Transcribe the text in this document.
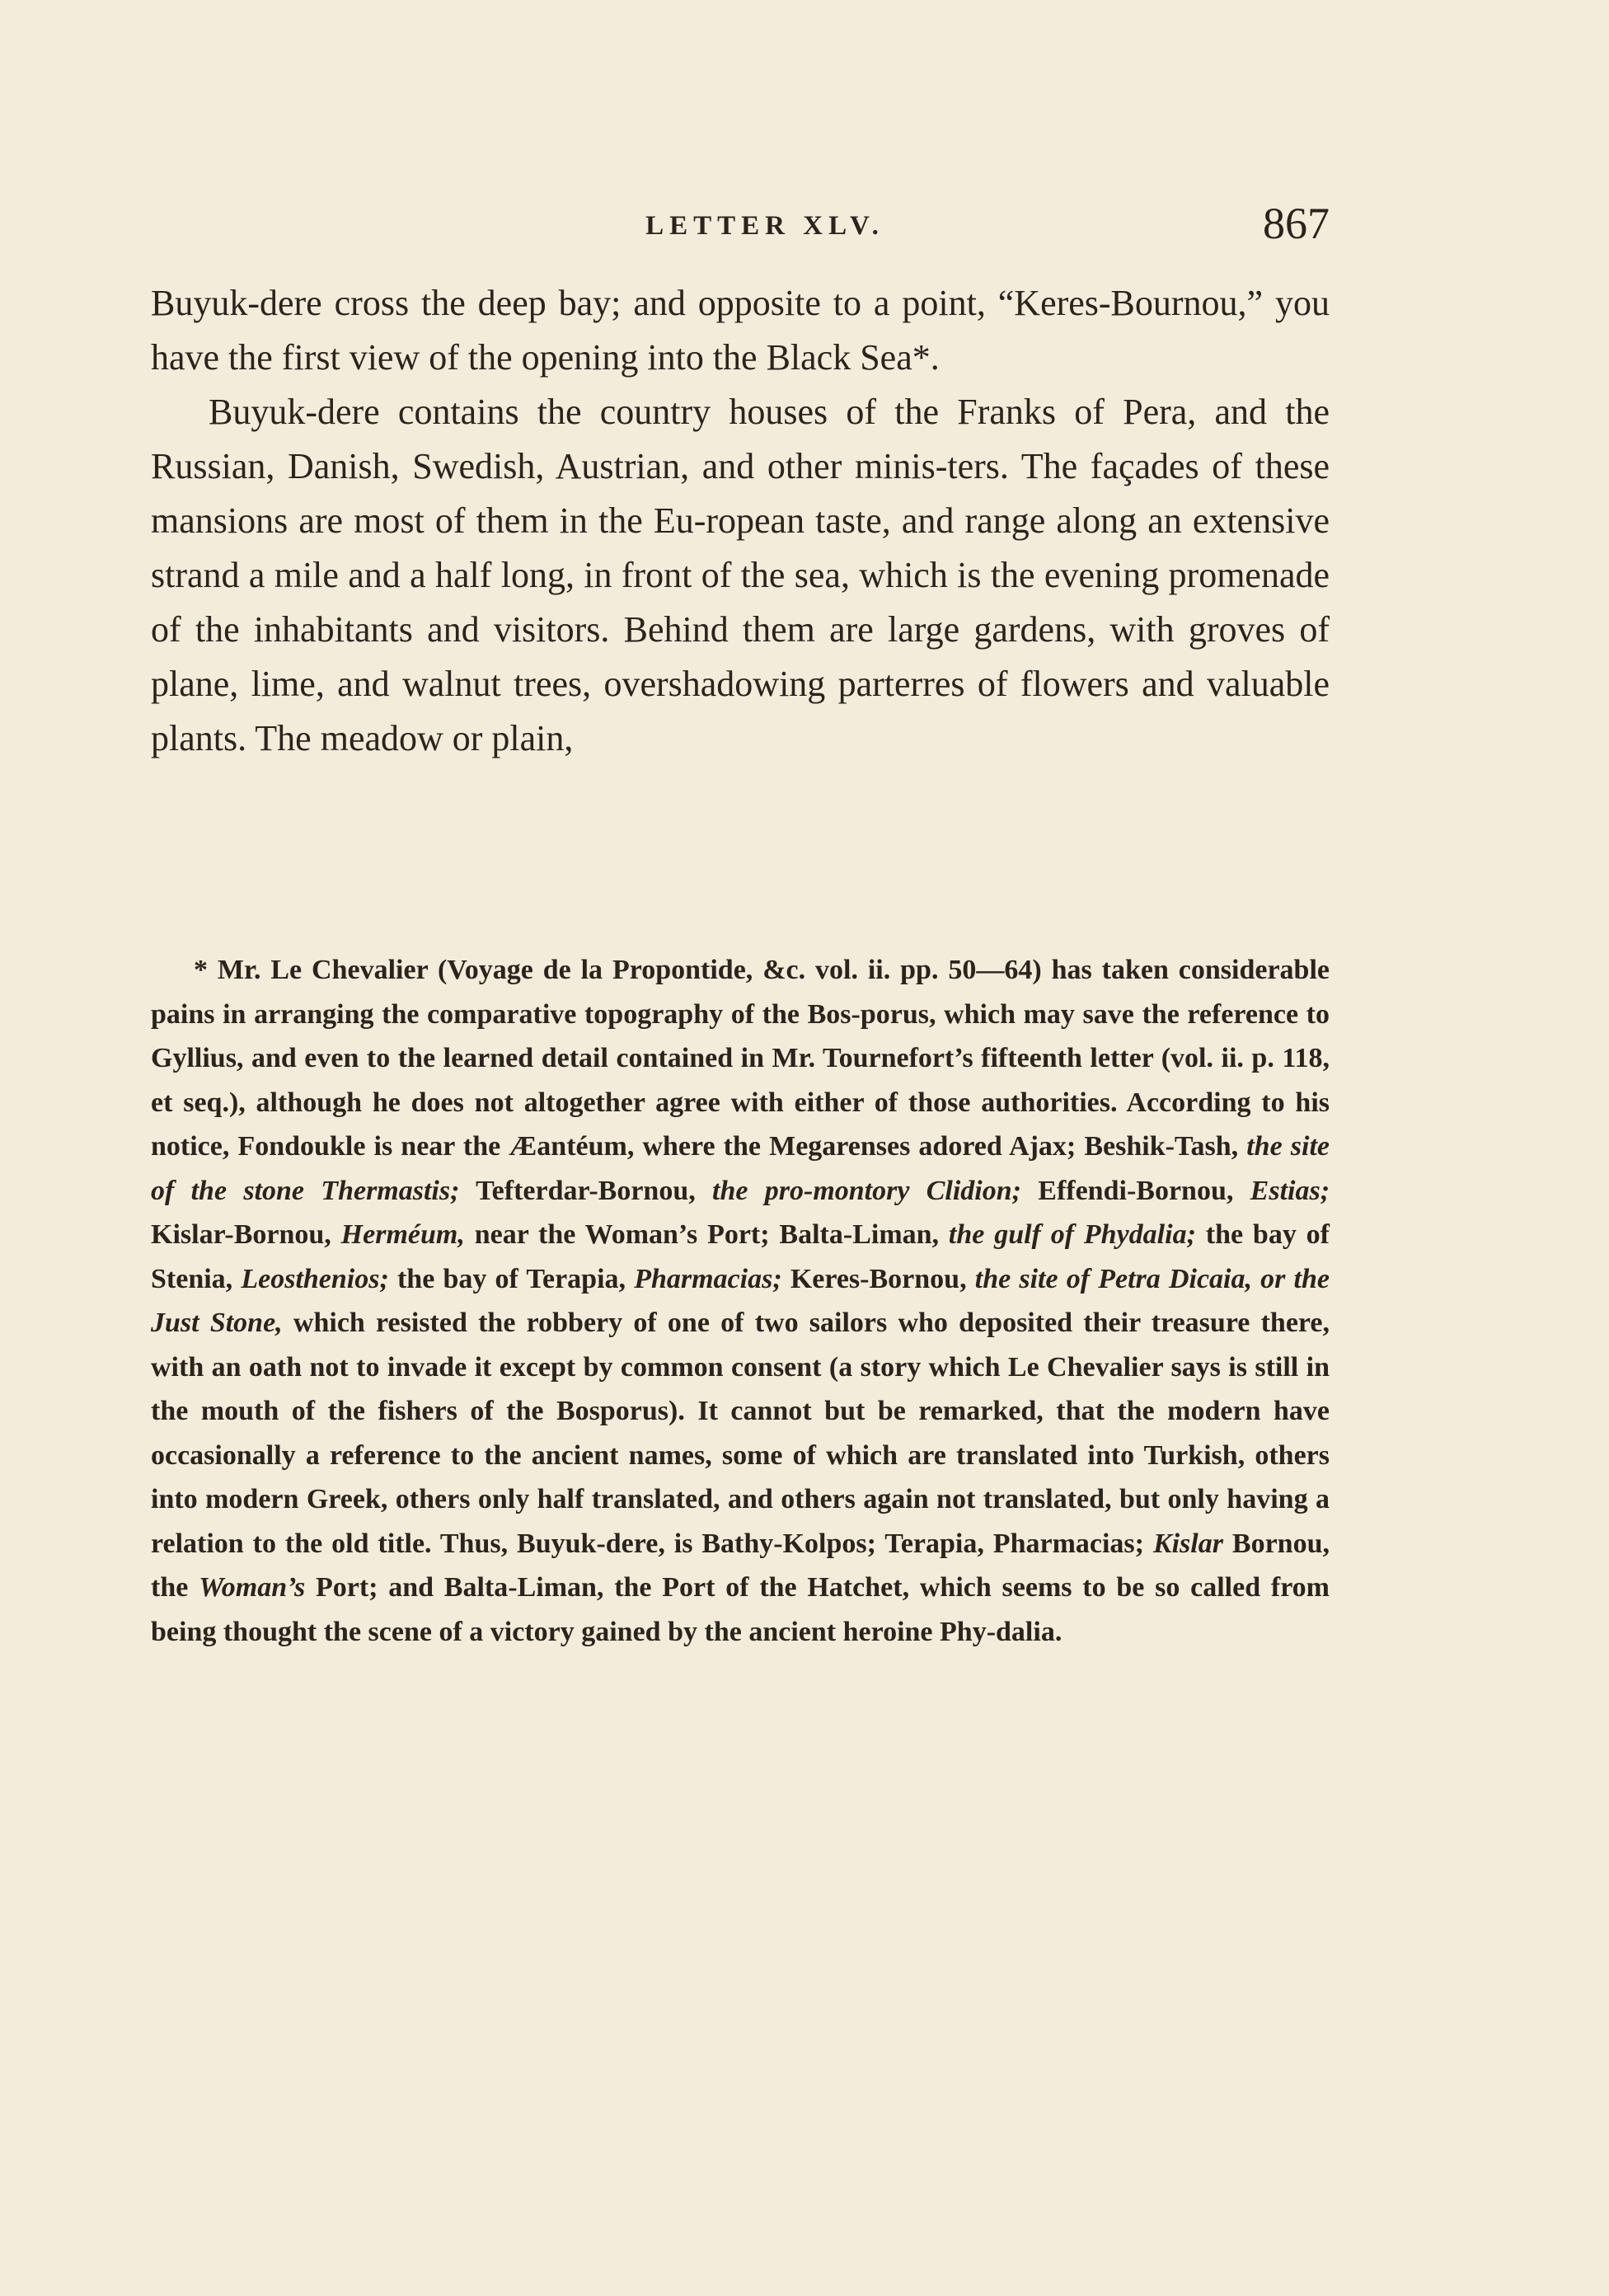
LETTER XLV.	867

Buyuk-dere cross the deep bay; and opposite to a point, “Keres-Bournou,” you have the first view of the opening into the Black Sea*.

Buyuk-dere contains the country houses of the Franks of Pera, and the Russian, Danish, Swedish, Austrian, and other minis-ters. The façades of these mansions are most of them in the Eu-ropean taste, and range along an extensive strand a mile and a half long, in front of the sea, which is the evening promenade of the inhabitants and visitors. Behind them are large gardens, with groves of plane, lime, and walnut trees, overshadowing parterres of flowers and valuable plants. The meadow or plain,

* Mr. Le Chevalier (Voyage de la Propontide, &c. vol. ii. pp. 50—64) has taken considerable pains in arranging the comparative topography of the Bos-porus, which may save the reference to Gyllius, and even to the learned detail contained in Mr. Tournefort’s fifteenth letter (vol. ii. p. 118, et seq.), although he does not altogether agree with either of those authorities. According to his notice, Fondoukle is near the Æantéum, where the Megarenses adored Ajax; Beshik-Tash, the site of the stone Thermastis; Tefterdar-Bornou, the pro-montory Clidion; Effendi-Bornou, Estias; Kislar-Bornou, Herméum, near the Woman’s Port; Balta-Liman, the gulf of Phydalia; the bay of Stenia, Leosthenios; the bay of Terapia, Pharmacias; Keres-Bornou, the site of Petra Dicaia, or the Just Stone, which resisted the robbery of one of two sailors who deposited their treasure there, with an oath not to invade it except by common consent (a story which Le Chevalier says is still in the mouth of the fishers of the Bosporus). It cannot but be remarked, that the modern have occasionally a reference to the ancient names, some of which are translated into Turkish, others into modern Greek, others only half translated, and others again not translated, but only having a relation to the old title. Thus, Buyuk-dere, is Bathy-Kolpos; Terapia, Pharmacias; Kislar Bornou, the Woman’s Port; and Balta-Liman, the Port of the Hatchet, which seems to be so called from being thought the scene of a victory gained by the ancient heroine Phy-dalia.
